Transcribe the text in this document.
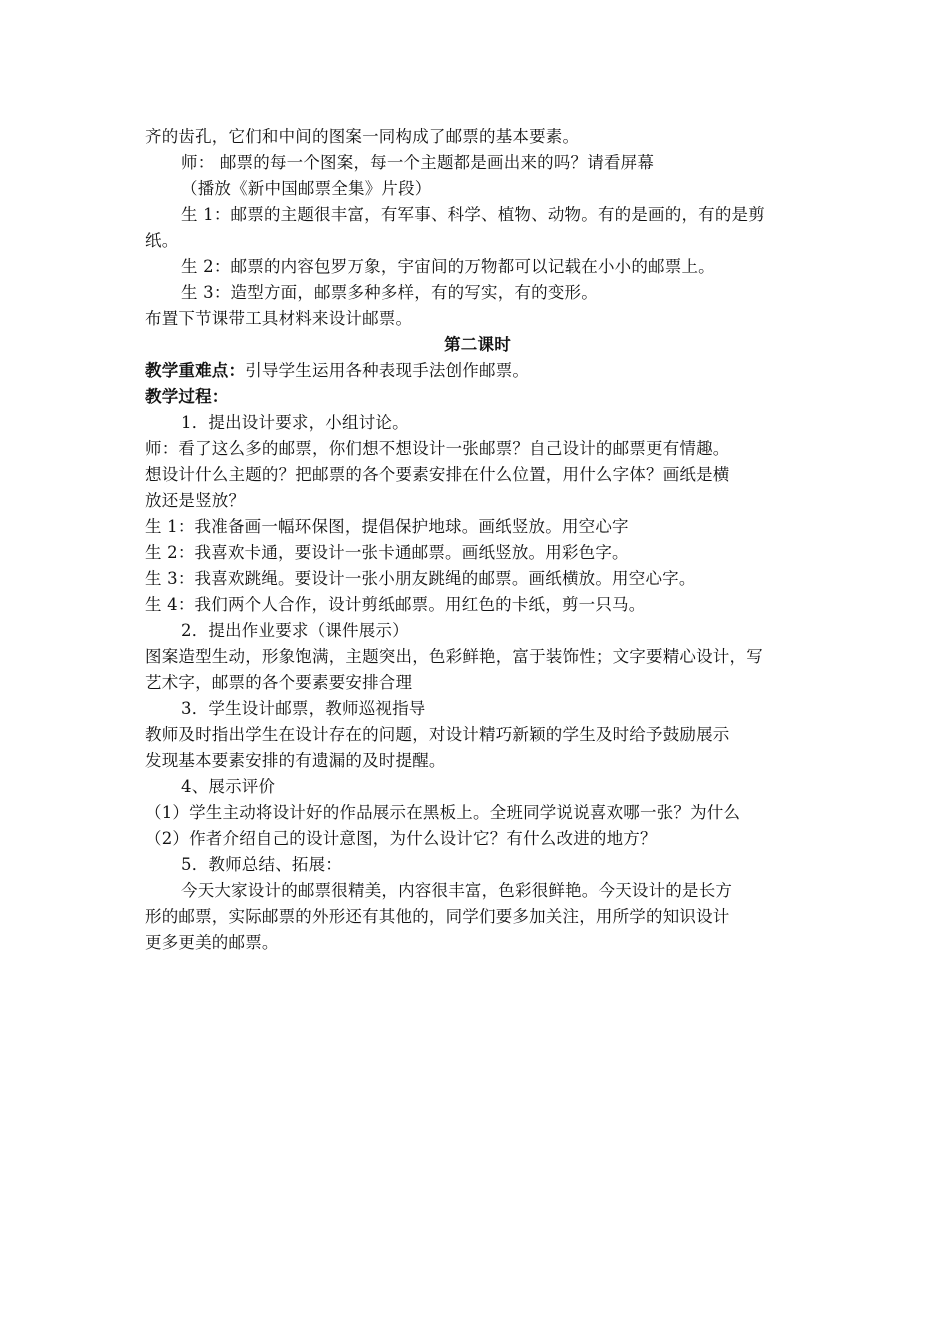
齐的齿孔，它们和中间的图案一同构成了邮票的基本要素。
师： 邮票的每一个图案，每一个主题都是画出来的吗？请看屏幕
（播放《新中国邮票全集》片段）
生 1：邮票的主题很丰富，有军事、科学、植物、动物。有的是画的，有的是剪
纸。
生 2：邮票的内容包罗万象，宇宙间的万物都可以记载在小小的邮票上。
生 3：造型方面，邮票多种多样，有的写实，有的变形。
布置下节课带工具材料来设计邮票。
第二课时
教学重难点：引导学生运用各种表现手法创作邮票。
教学过程：
1．提出设计要求，小组讨论。
师：看了这么多的邮票，你们想不想设计一张邮票？自己设计的邮票更有情趣。
想设计什么主题的？把邮票的各个要素安排在什么位置，用什么字体？画纸是横
放还是竖放？
生 1：我准备画一幅环保图，提倡保护地球。画纸竖放。用空心字
生 2：我喜欢卡通，要设计一张卡通邮票。画纸竖放。用彩色字。
生 3：我喜欢跳绳。要设计一张小朋友跳绳的邮票。画纸横放。用空心字。
生 4：我们两个人合作，设计剪纸邮票。用红色的卡纸，剪一只马。
2．提出作业要求（课件展示）
图案造型生动，形象饱满，主题突出，色彩鲜艳，富于装饰性；文字要精心设计，写
艺术字，邮票的各个要素要安排合理
3．学生设计邮票，教师巡视指导
教师及时指出学生在设计存在的问题，对设计精巧新颖的学生及时给予鼓励展示
发现基本要素安排的有遗漏的及时提醒。
4、展示评价
（1）学生主动将设计好的作品展示在黑板上。全班同学说说喜欢哪一张？为什么
（2）作者介绍自己的设计意图，为什么设计它？有什么改进的地方？
5．教师总结、拓展：
今天大家设计的邮票很精美，内容很丰富，色彩很鲜艳。今天设计的是长方
形的邮票，实际邮票的外形还有其他的，同学们要多加关注，用所学的知识设计
更多更美的邮票。
